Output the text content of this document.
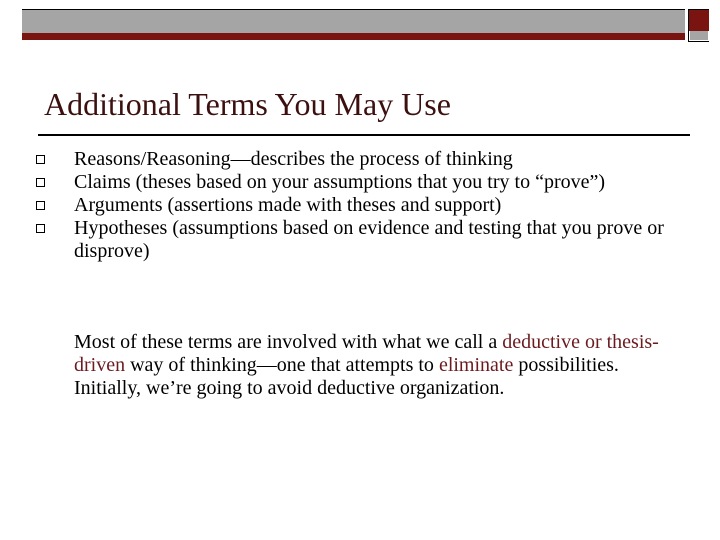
Additional Terms You May Use
Reasons/Reasoning—describes the process of thinking
Claims (theses based on your assumptions that you try to “prove”)
Arguments (assertions made with theses and support)
Hypotheses (assumptions based on evidence and testing that you prove or disprove)
Most of these terms are involved with what we call a deductive or thesis-driven way of thinking—one that attempts to eliminate possibilities. Initially, we’re going to avoid deductive organization.
